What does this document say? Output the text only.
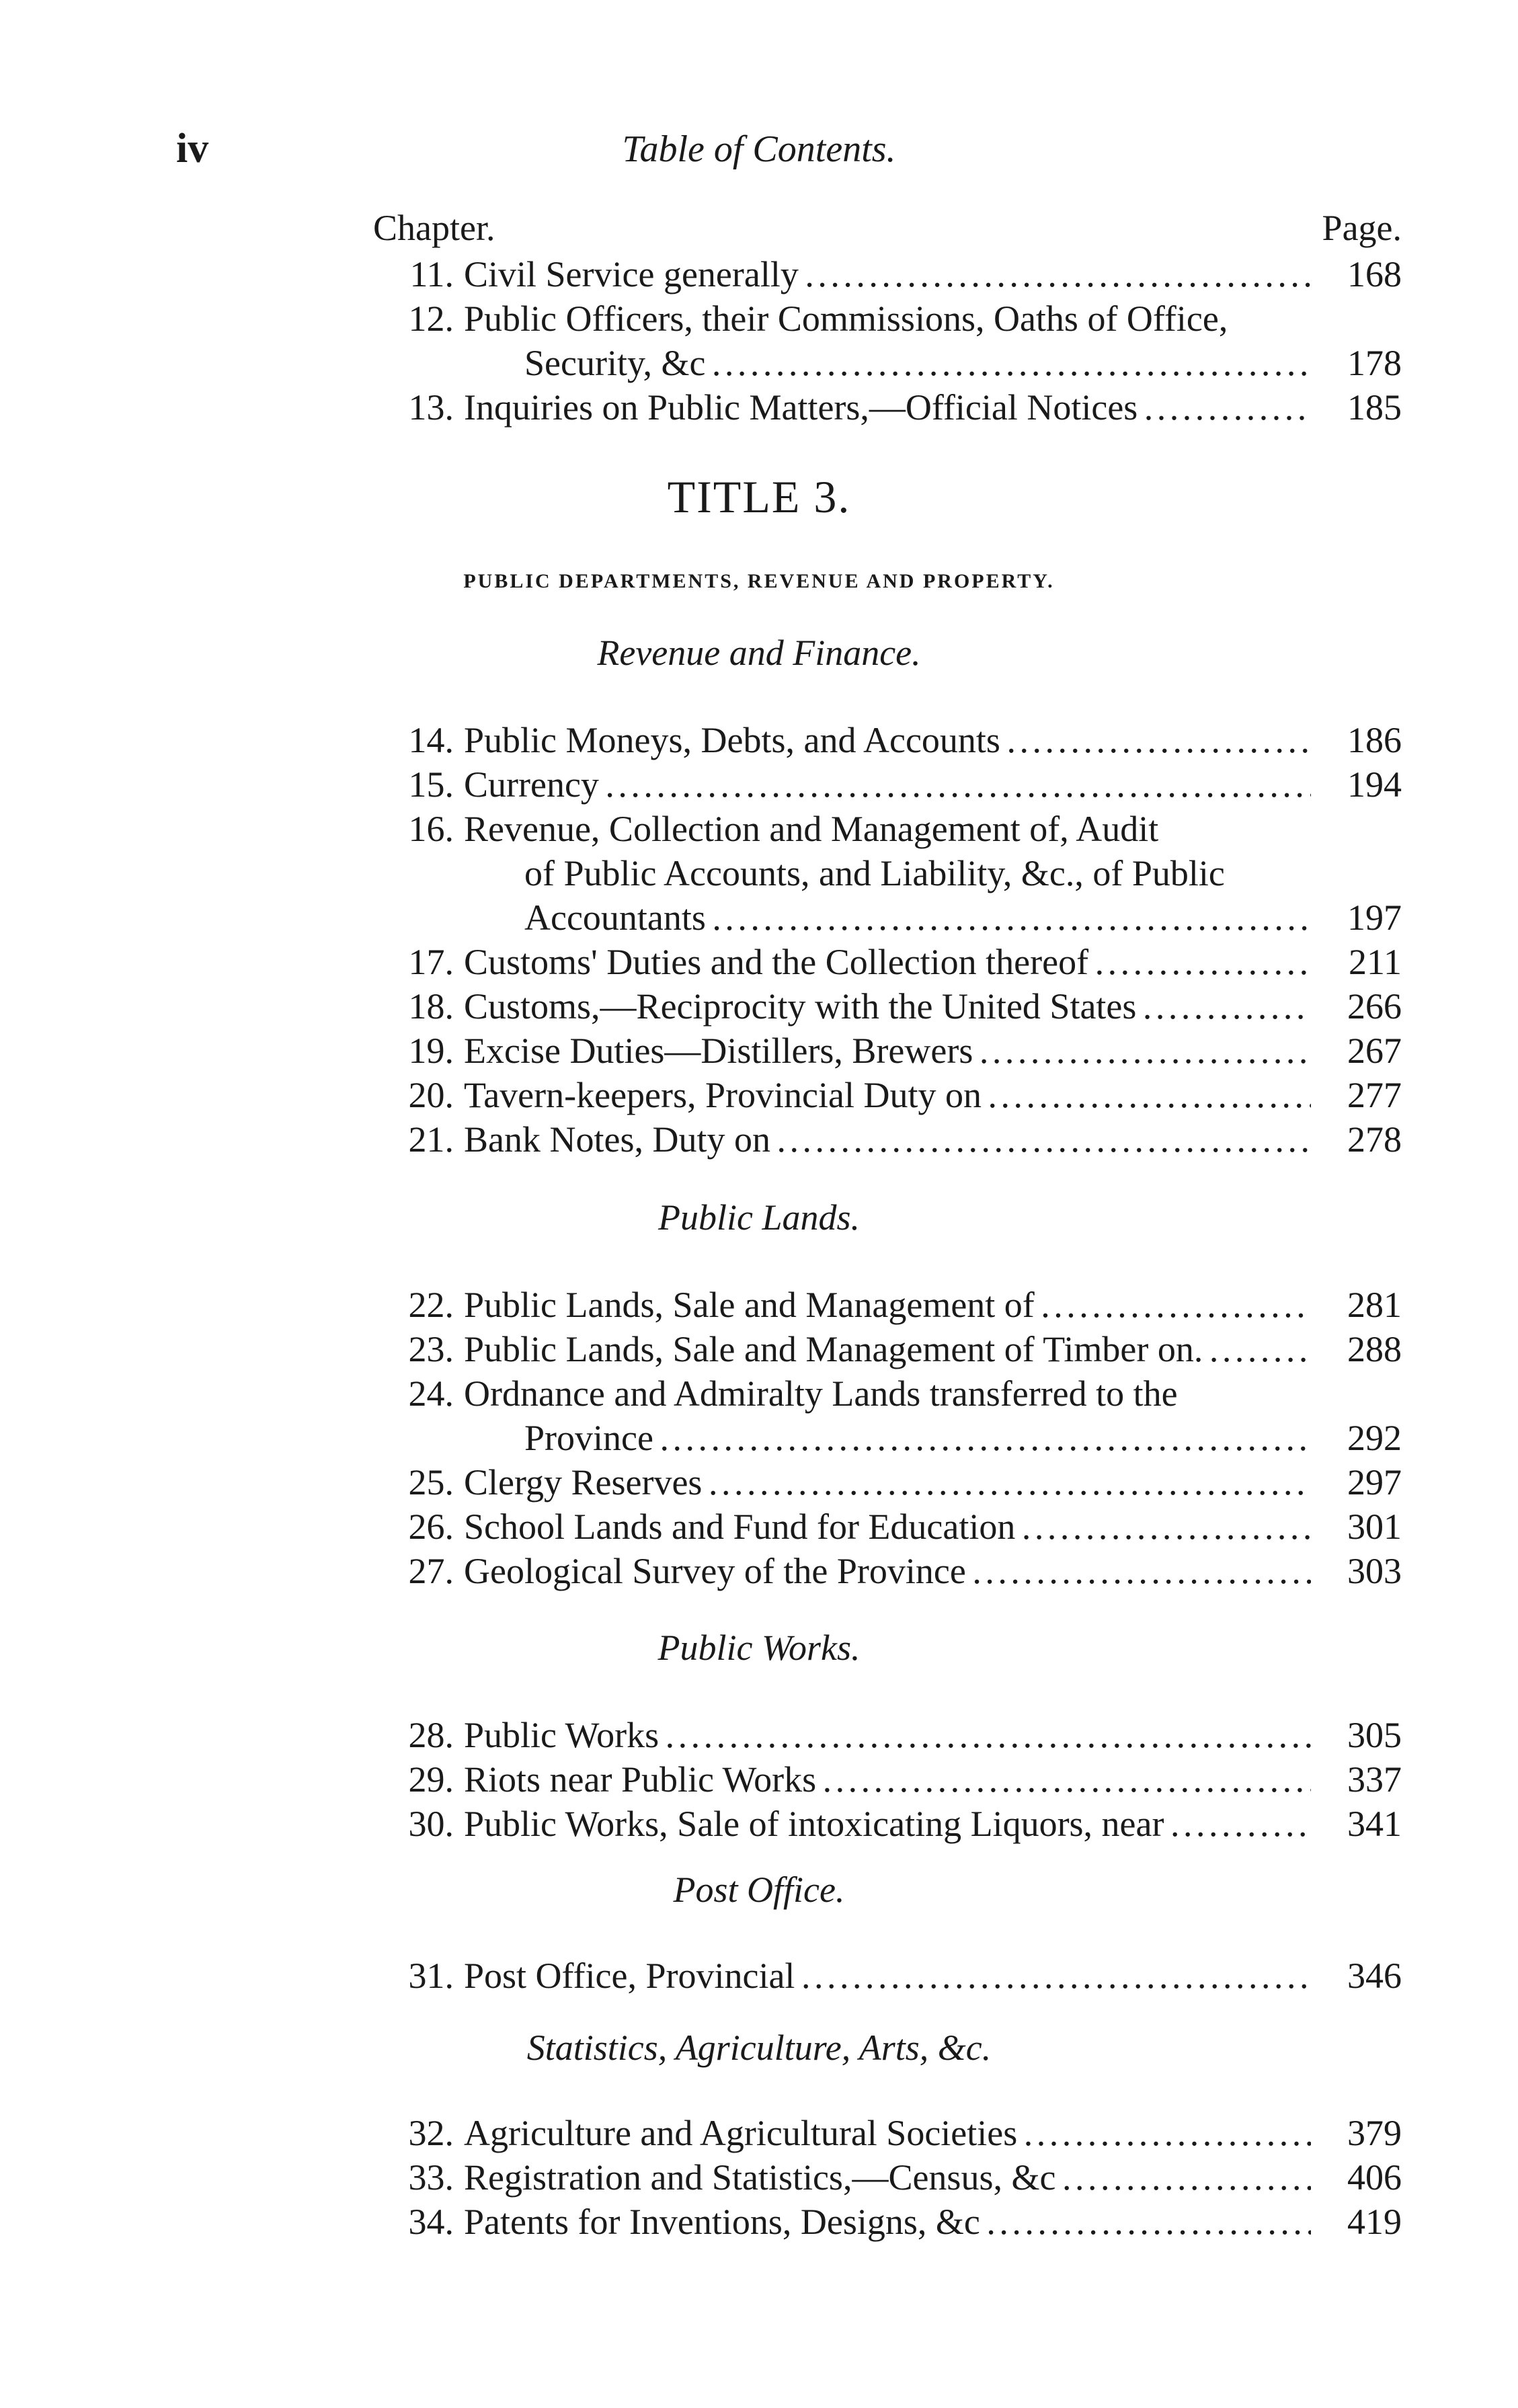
iv	Table of Contents.
Chapter.	Page.
11. Civil Service generally . . .	168
12. Public Officers, their Commissions, Oaths of Office,
Security, &c . . .	178
13. Inquiries on Public Matters,—Official Notices . . .	185
TITLE 3.
PUBLIC DEPARTMENTS, REVENUE AND PROPERTY.
Revenue and Finance.
14. Public Moneys, Debts, and Accounts . . .	186
15. Currency . . .	194
16. Revenue, Collection and Management of, Audit
of Public Accounts, and Liability, &c., of Public
Accountants . . .	197
17. Customs' Duties and the Collection thereof . . .	211
18. Customs,—Reciprocity with the United States . . .	266
19. Excise Duties—Distillers, Brewers . . .	267
20. Tavern-keepers, Provincial Duty on . . .	277
21. Bank Notes, Duty on . . .	278
Public Lands.
22. Public Lands, Sale and Management of . . .	281
23. Public Lands, Sale and Management of Timber on. . . .	288
24. Ordnance and Admiralty Lands transferred to the
Province . . .	292
25. Clergy Reserves . . .	297
26. School Lands and Fund for Education . . .	301
27. Geological Survey of the Province . . .	303
Public Works.
28. Public Works . . .	305
29. Riots near Public Works . . .	337
30. Public Works, Sale of intoxicating Liquors, near . . .	341
Post Office.
31. Post Office, Provincial . . .	346
Statistics, Agriculture, Arts, &c.
32. Agriculture and Agricultural Societies . . .	379
33. Registration and Statistics,—Census, &c . . .	406
34. Patents for Inventions, Designs, &c . . .	419
